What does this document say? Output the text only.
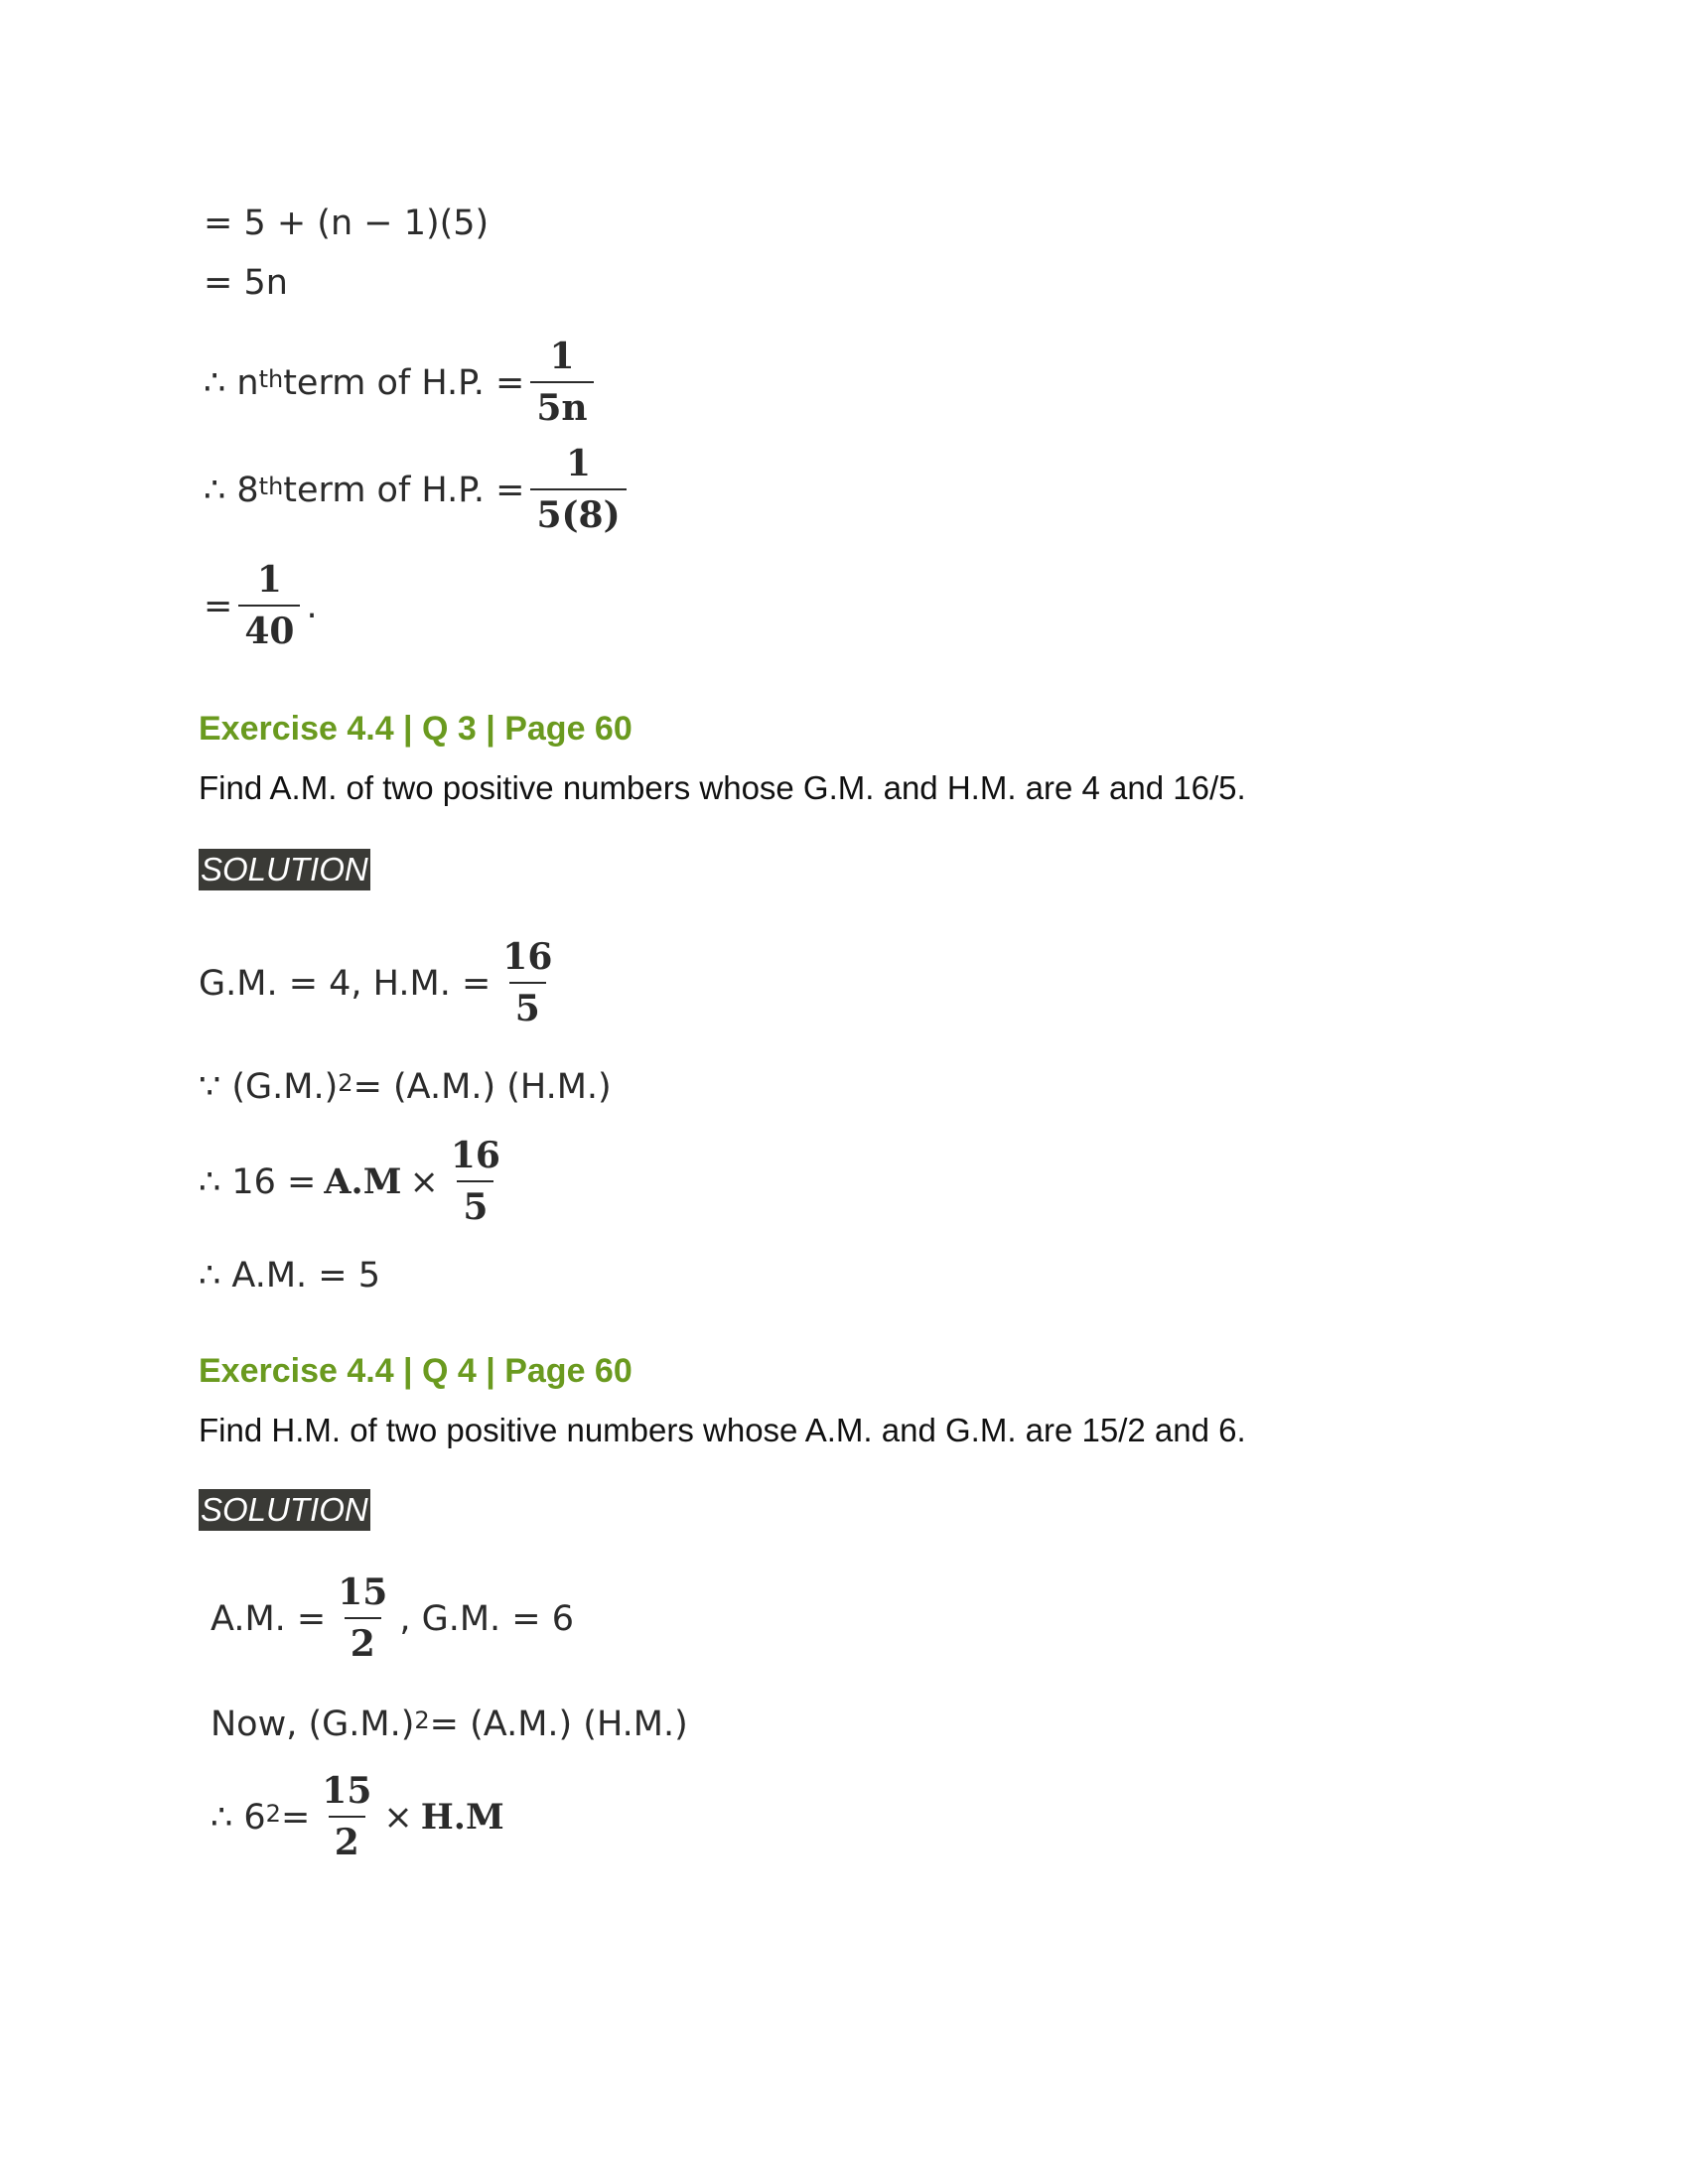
= 5 + (n − 1)(5)
= 5n
∴ $n^{th}$ term of H.P. = $\frac{1}{5n}$
∴ 8th term of H.P. = $\frac{1}{5(8)}$
= $\frac{1}{40}$ .
Exercise 4.4 | Q 3 | Page 60
Find A.M. of two positive numbers whose G.M. and H.M. are 4 and 16/5.
SOLUTION
G.M. = 4, H.M. = $\frac{16}{5}$
∵ $(G.M.)^2 = (A.M.)$ (H.M.)
∴ $16 = A.M \times \frac{16}{5}$
∴ A.M. = 5
Exercise 4.4 | Q 4 | Page 60
Find H.M. of two positive numbers whose A.M. and G.M. are 15/2 and 6.
SOLUTION
A.M. = $\frac{15}{2}$ , G.M. = 6
Now, $(G.M.)^2 = (A.M.)$ (H.M.)
∴ $6^2 = \frac{15}{2} \times H.M$
